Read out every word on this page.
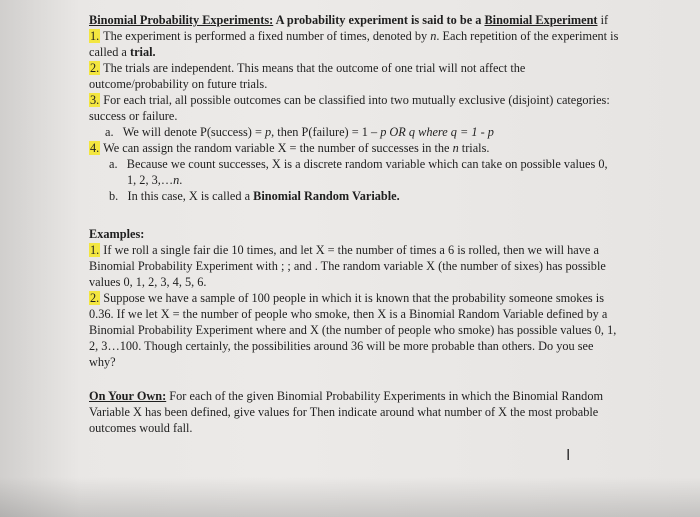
Binomial Probability Experiments: A probability experiment is said to be a Binomial Experiment if

1. The experiment is performed a fixed number of times, denoted by n. Each repetition of the experiment is called a trial.

2. The trials are independent. This means that the outcome of one trial will not affect the outcome/probability on future trials.

3. For each trial, all possible outcomes can be classified into two mutually exclusive (disjoint) categories: success or failure.

a. We will denote P(success) = p, then P(failure) = 1 – p OR q where q = 1 - p

4. We can assign the random variable X = the number of successes in the n trials.

a. Because we count successes, X is a discrete random variable which can take on possible values 0, 1, 2, 3,…n.

b. In this case, X is called a Binomial Random Variable.

Examples:

1. If we roll a single fair die 10 times, and let X = the number of times a 6 is rolled, then we will have a Binomial Probability Experiment with ; ; and . The random variable X (the number of sixes) has possible values 0, 1, 2, 3, 4, 5, 6.

2. Suppose we have a sample of 100 people in which it is known that the probability someone smokes is 0.36. If we let X = the number of people who smoke, then X is a Binomial Random Variable defined by a Binomial Probability Experiment where and X (the number of people who smoke) has possible values 0, 1, 2, 3…100. Though certainly, the possibilities around 36 will be more probable than others. Do you see why?

On Your Own: For each of the given Binomial Probability Experiments in which the Binomial Random Variable X has been defined, give values for Then indicate around what number of X the most probable outcomes would fall.

I
